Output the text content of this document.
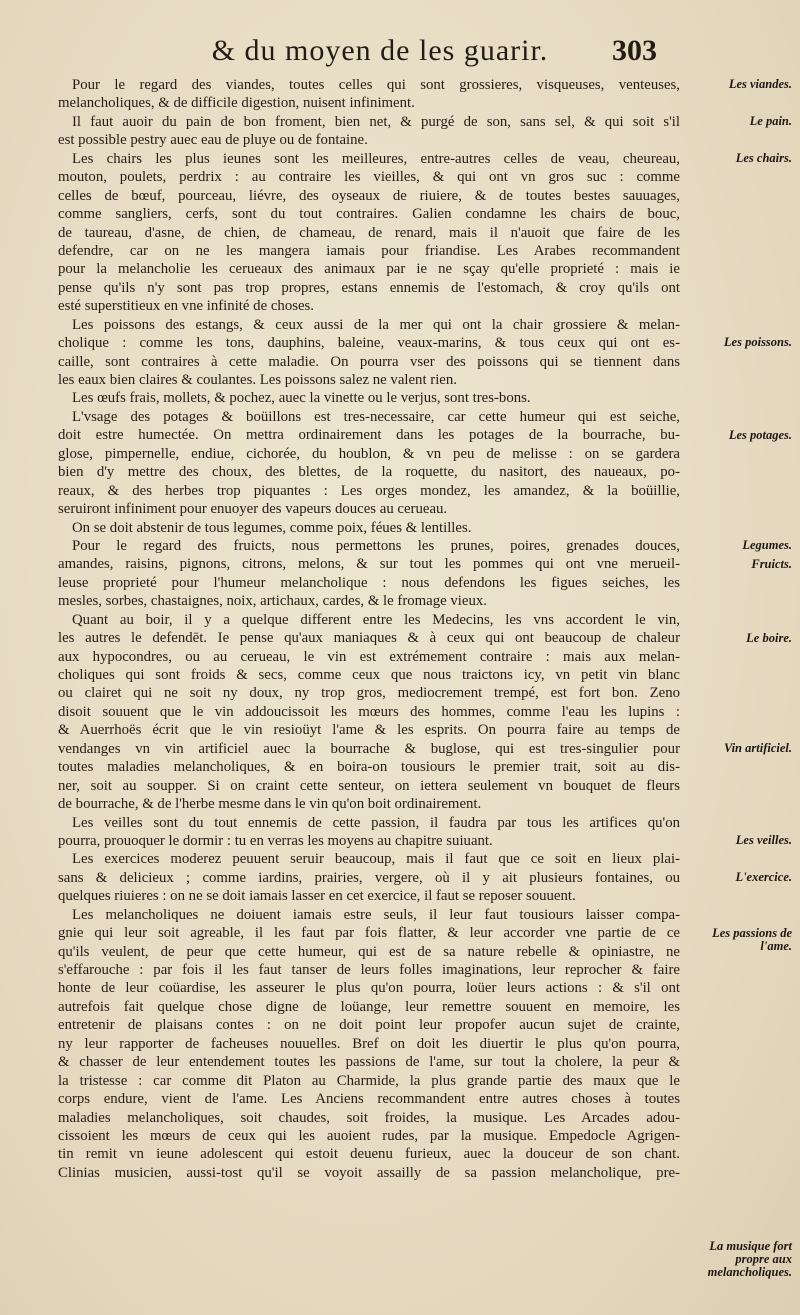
& du moyen de les guarir.	303
Pour le regard des viandes, toutes celles qui sont grossieres, visqueuses, venteuses,
melancholiques, & de difficile digestion, nuisent infiniment.
Il faut auoir du pain de bon froment, bien net, & purgé de son, sans sel, & qui soit s'il
est possible pestry auec eau de pluye ou de fontaine.
Les chairs les plus ieunes sont les meilleures, entre-autres celles de veau, cheureau,
mouton, poulets, perdrix : au contraire les vieilles, & qui ont vn gros suc : comme
celles de bœuf, pourceau, liévre, des oyseaux de riuiere, & de toutes bestes sauuages,
comme sangliers, cerfs, sont du tout contraires. Galien condamne les chairs de bouc,
de taureau, d'asne, de chien, de chameau, de renard, mais il n'auoit que faire de les
defendre, car on ne les mangera iamais pour friandise. Les Arabes recommandent
pour la melancholie les cerueaux des animaux par ie ne sçay qu'elle proprieté : mais ie
pense qu'ils n'y sont pas trop propres, estans ennemis de l'estomach, & croy qu'ils ont
esté superstitieux en vne infinité de choses.
Les poissons des estangs, & ceux aussi de la mer qui ont la chair grossiere & melan-
cholique : comme les tons, dauphins, baleine, veaux-marins, & tous ceux qui ont es-
caille, sont contraires à cette maladie. On pourra vser des poissons qui se tiennent dans
les eaux bien claires & coulantes. Les poissons salez ne valent rien.
Les œufs frais, mollets, & pochez, auec la vinette ou le verjus, sont tres-bons.
L'vsage des potages & boüillons est tres-necessaire, car cette humeur qui est seiche,
doit estre humectée. On mettra ordinairement dans les potages de la bourrache, bu-
glose, pimpernelle, endiue, cichorée, du houblon, & vn peu de melisse : on se gardera
bien d'y mettre des choux, des blettes, de la roquette, du nasitort, des naueaux, po-
reaux, & des herbes trop piquantes : Les orges mondez, les amandez, & la boüillie,
seruiront infiniment pour enuoyer des vapeurs douces au cerueau.
On se doit abstenir de tous legumes, comme poix, féues & lentilles.
Pour le regard des fruicts, nous permettons les prunes, poires, grenades douces,
amandes, raisins, pignons, citrons, melons, & sur tout les pommes qui ont vne merueil-
leuse proprieté pour l'humeur melancholique : nous defendons les figues seiches, les
mesles, sorbes, chastaignes, noix, artichaux, cardes, & le fromage vieux.
Quant au boir, il y a quelque different entre les Medecins, les vns accordent le vin,
les autres le defendēt. Ie pense qu'aux maniaques & à ceux qui ont beaucoup de chaleur
aux hypocondres, ou au cerueau, le vin est extrémement contraire : mais aux melan-
choliques qui sont froids & secs, comme ceux que nous traictons icy, vn petit vin blanc
ou clairet qui ne soit ny doux, ny trop gros, mediocrement trempé, est fort bon. Zeno
disoit souuent que le vin addoucissoit les mœurs des hommes, comme l'eau les lupins :
& Auerrhoës écrit que le vin resioüyt l'ame & les esprits. On pourra faire au temps de
vendanges vn vin artificiel auec la bourrache & buglose, qui est tres-singulier pour
toutes maladies melancholiques, & en boira-on tousiours le premier trait, soit au dis-
ner, soit au soupper. Si on craint cette senteur, on iettera seulement vn bouquet de fleurs
de bourrache, & de l'herbe mesme dans le vin qu'on boit ordinairement.
Les veilles sont du tout ennemis de cette passion, il faudra par tous les artifices qu'on
pourra, prouoquer le dormir : tu en verras les moyens au chapitre suiuant.
Les exercices moderez peuuent seruir beaucoup, mais il faut que ce soit en lieux plai-
sans & delicieux ; comme iardins, prairies, vergere, où il y ait plusieurs fontaines, ou
quelques riuieres : on ne se doit iamais lasser en cet exercice, il faut se reposer souuent.
Les melancholiques ne doiuent iamais estre seuls, il leur faut tousiours laisser compa-
gnie qui leur soit agreable, il les faut par fois flatter, & leur accorder vne partie de ce
qu'ils veulent, de peur que cette humeur, qui est de sa nature rebelle & opiniastre, ne
s'effarouche : par fois il les faut tanser de leurs folles imaginations, leur reprocher & faire
honte de leur coüardise, les asseurer le plus qu'on pourra, loüer leurs actions : & s'il ont
autrefois fait quelque chose digne de loüange, leur remettre souuent en memoire, les
entretenir de plaisans contes : on ne doit point leur propofer aucun sujet de crainte,
ny leur rapporter de facheuses nouuelles. Bref on doit les diuertir le plus qu'on pourra,
& chasser de leur entendement toutes les passions de l'ame, sur tout la cholere, la peur &
la tristesse : car comme dit Platon au Charmide, la plus grande partie des maux que le
corps endure, vient de l'ame. Les Anciens recommandent entre autres choses à toutes
maladies melancholiques, soit chaudes, soit froides, la musique. Les Arcades adou-
cissoient les mœurs de ceux qui les auoient rudes, par la musique. Empedocle Agrigen-
tin remit vn ieune adolescent qui estoit deuenu furieux, auec la douceur de son chant.
Clinias musicien, aussi-tost qu'il se voyoit assailly de sa passion melancholique, pre-
Les viandes.
Le pain.
Les chairs.
Les poissons.
Les potages.
Legumes.
Fruicts.
Le boire.
Vin artificiel.
Les veilles.
L'exercice.
Les passions de l'ame.
La musique fort propre aux melancholiques.
